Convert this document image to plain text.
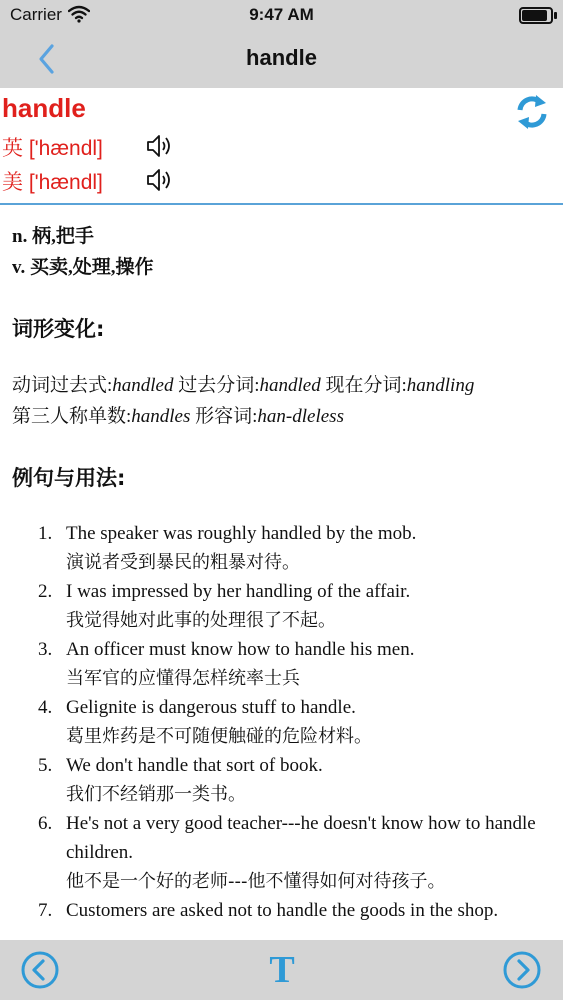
Carrier	9:47 AM
handle
handle
英 ['hændl]
美 ['hændl]
n. 柄,把手
v. 买卖,处理,操作
词形变化:
动词过去式:handled 过去分词:handled 现在分词:handling
第三人称单数:handles 形容词:han-dleless
例句与用法:
1. The speaker was roughly handled by the mob.
演说者受到暴民的粗暴对待。
2. I was impressed by her handling of the affair.
我觉得她对此事的处理很了不起。
3. An officer must know how to handle his men.
当军官的应懂得怎样统率士兵
4. Gelignite is dangerous stuff to handle.
葛里炸药是不可随便触碰的危险材料。
5. We don't handle that sort of book.
我们不经销那一类书。
6. He's not a very good teacher---he doesn't know how to handle children.
他不是一个好的老师---他不懂得如何对待孩子。
7. Customers are asked not to handle the goods in the shop.
T
